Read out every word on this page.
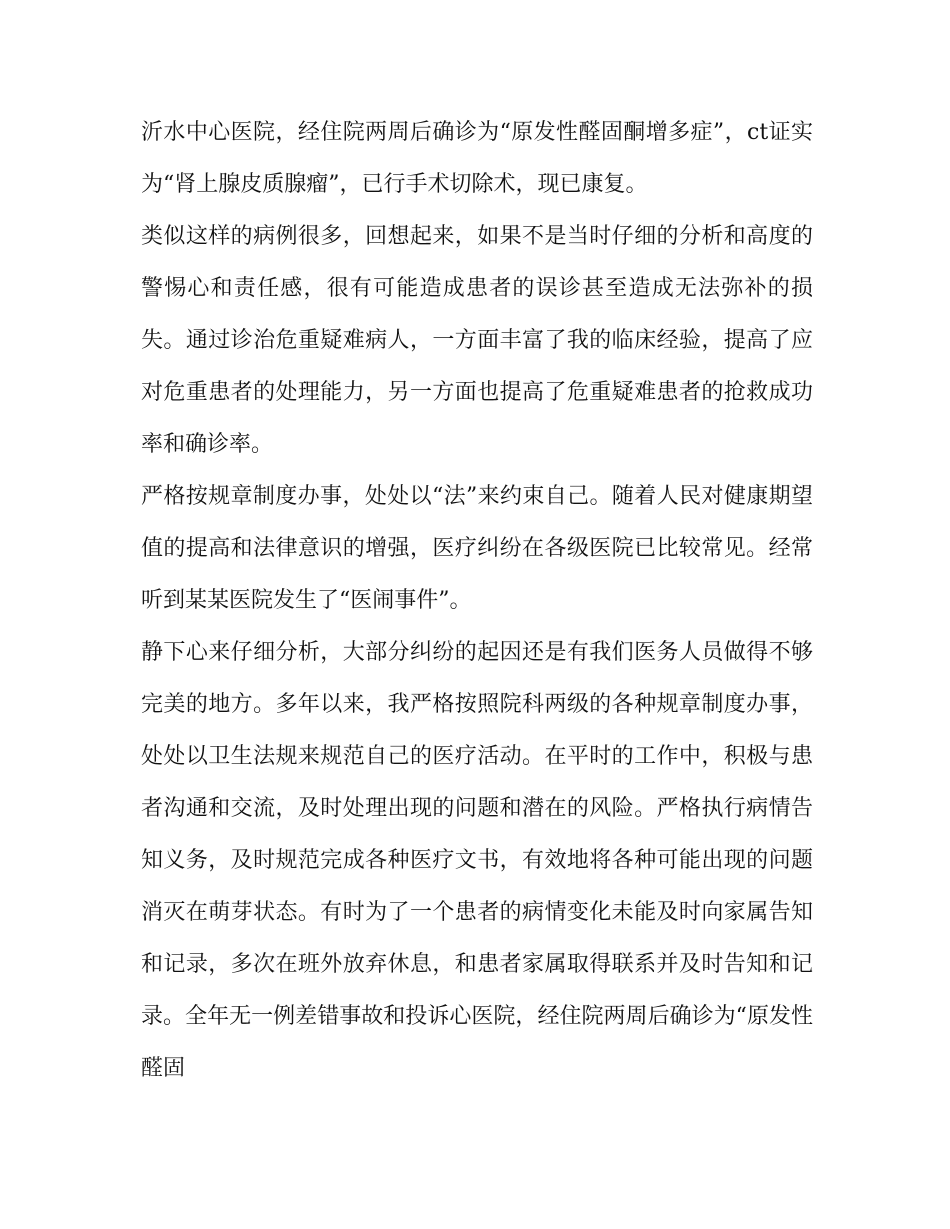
沂水中心医院，经住院两周后确诊为“原发性醛固酮增多症”，ct证实为“肾上腺皮质腺瘤”，已行手术切除术，现已康复。

类似这样的病例很多，回想起来，如果不是当时仔细的分析和高度的警惕心和责任感，很有可能造成患者的误诊甚至造成无法弥补的损失。通过诊治危重疑难病人，一方面丰富了我的临床经验，提高了应对危重患者的处理能力，另一方面也提高了危重疑难患者的抢救成功率和确诊率。

严格按规章制度办事，处处以“法”来约束自己。随着人民对健康期望值的提高和法律意识的增强，医疗纠纷在各级医院已比较常见。经常听到某某医院发生了“医闹事件”。

静下心来仔细分析，大部分纠纷的起因还是有我们医务人员做得不够完美的地方。多年以来，我严格按照院科两级的各种规章制度办事，处处以卫生法规来规范自己的医疗活动。在平时的工作中，积极与患者沟通和交流，及时处理出现的问题和潜在的风险。严格执行病情告知义务，及时规范完成各种医疗文书，有效地将各种可能出现的问题消灭在萌芽状态。有时为了一个患者的病情变化未能及时向家属告知和记录，多次在班外放弃休息，和患者家属取得联系并及时告知和记录。全年无一例差错事故和投诉心医院，经住院两周后确诊为“原发性醛固
